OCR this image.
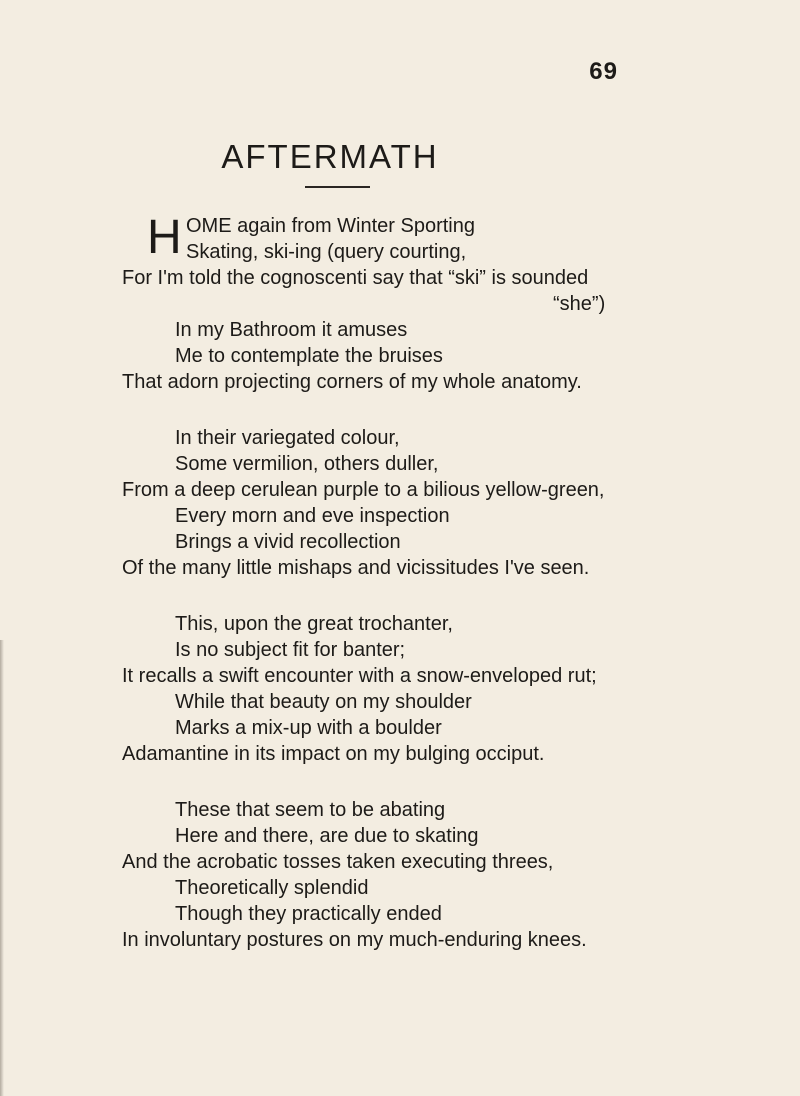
69
AFTERMATH
H OME again from Winter Sporting
Skating, ski-ing (query courting,
For I'm told the cognoscenti say that “ski” is sounded
“she”)
In my Bathroom it amuses
Me to contemplate the bruises
That adorn projecting corners of my whole anatomy.
In their variegated colour,
Some vermilion, others duller,
From a deep cerulean purple to a bilious yellow-green,
Every morn and eve inspection
Brings a vivid recollection
Of the many little mishaps and vicissitudes I've seen.
This, upon the great trochanter,
Is no subject fit for banter;
It recalls a swift encounter with a snow-enveloped rut;
While that beauty on my shoulder
Marks a mix-up with a boulder
Adamantine in its impact on my bulging occiput.
These that seem to be abating
Here and there, are due to skating
And the acrobatic tosses taken executing threes,
Theoretically splendid
Though they practically ended
In involuntary postures on my much-enduring knees.
